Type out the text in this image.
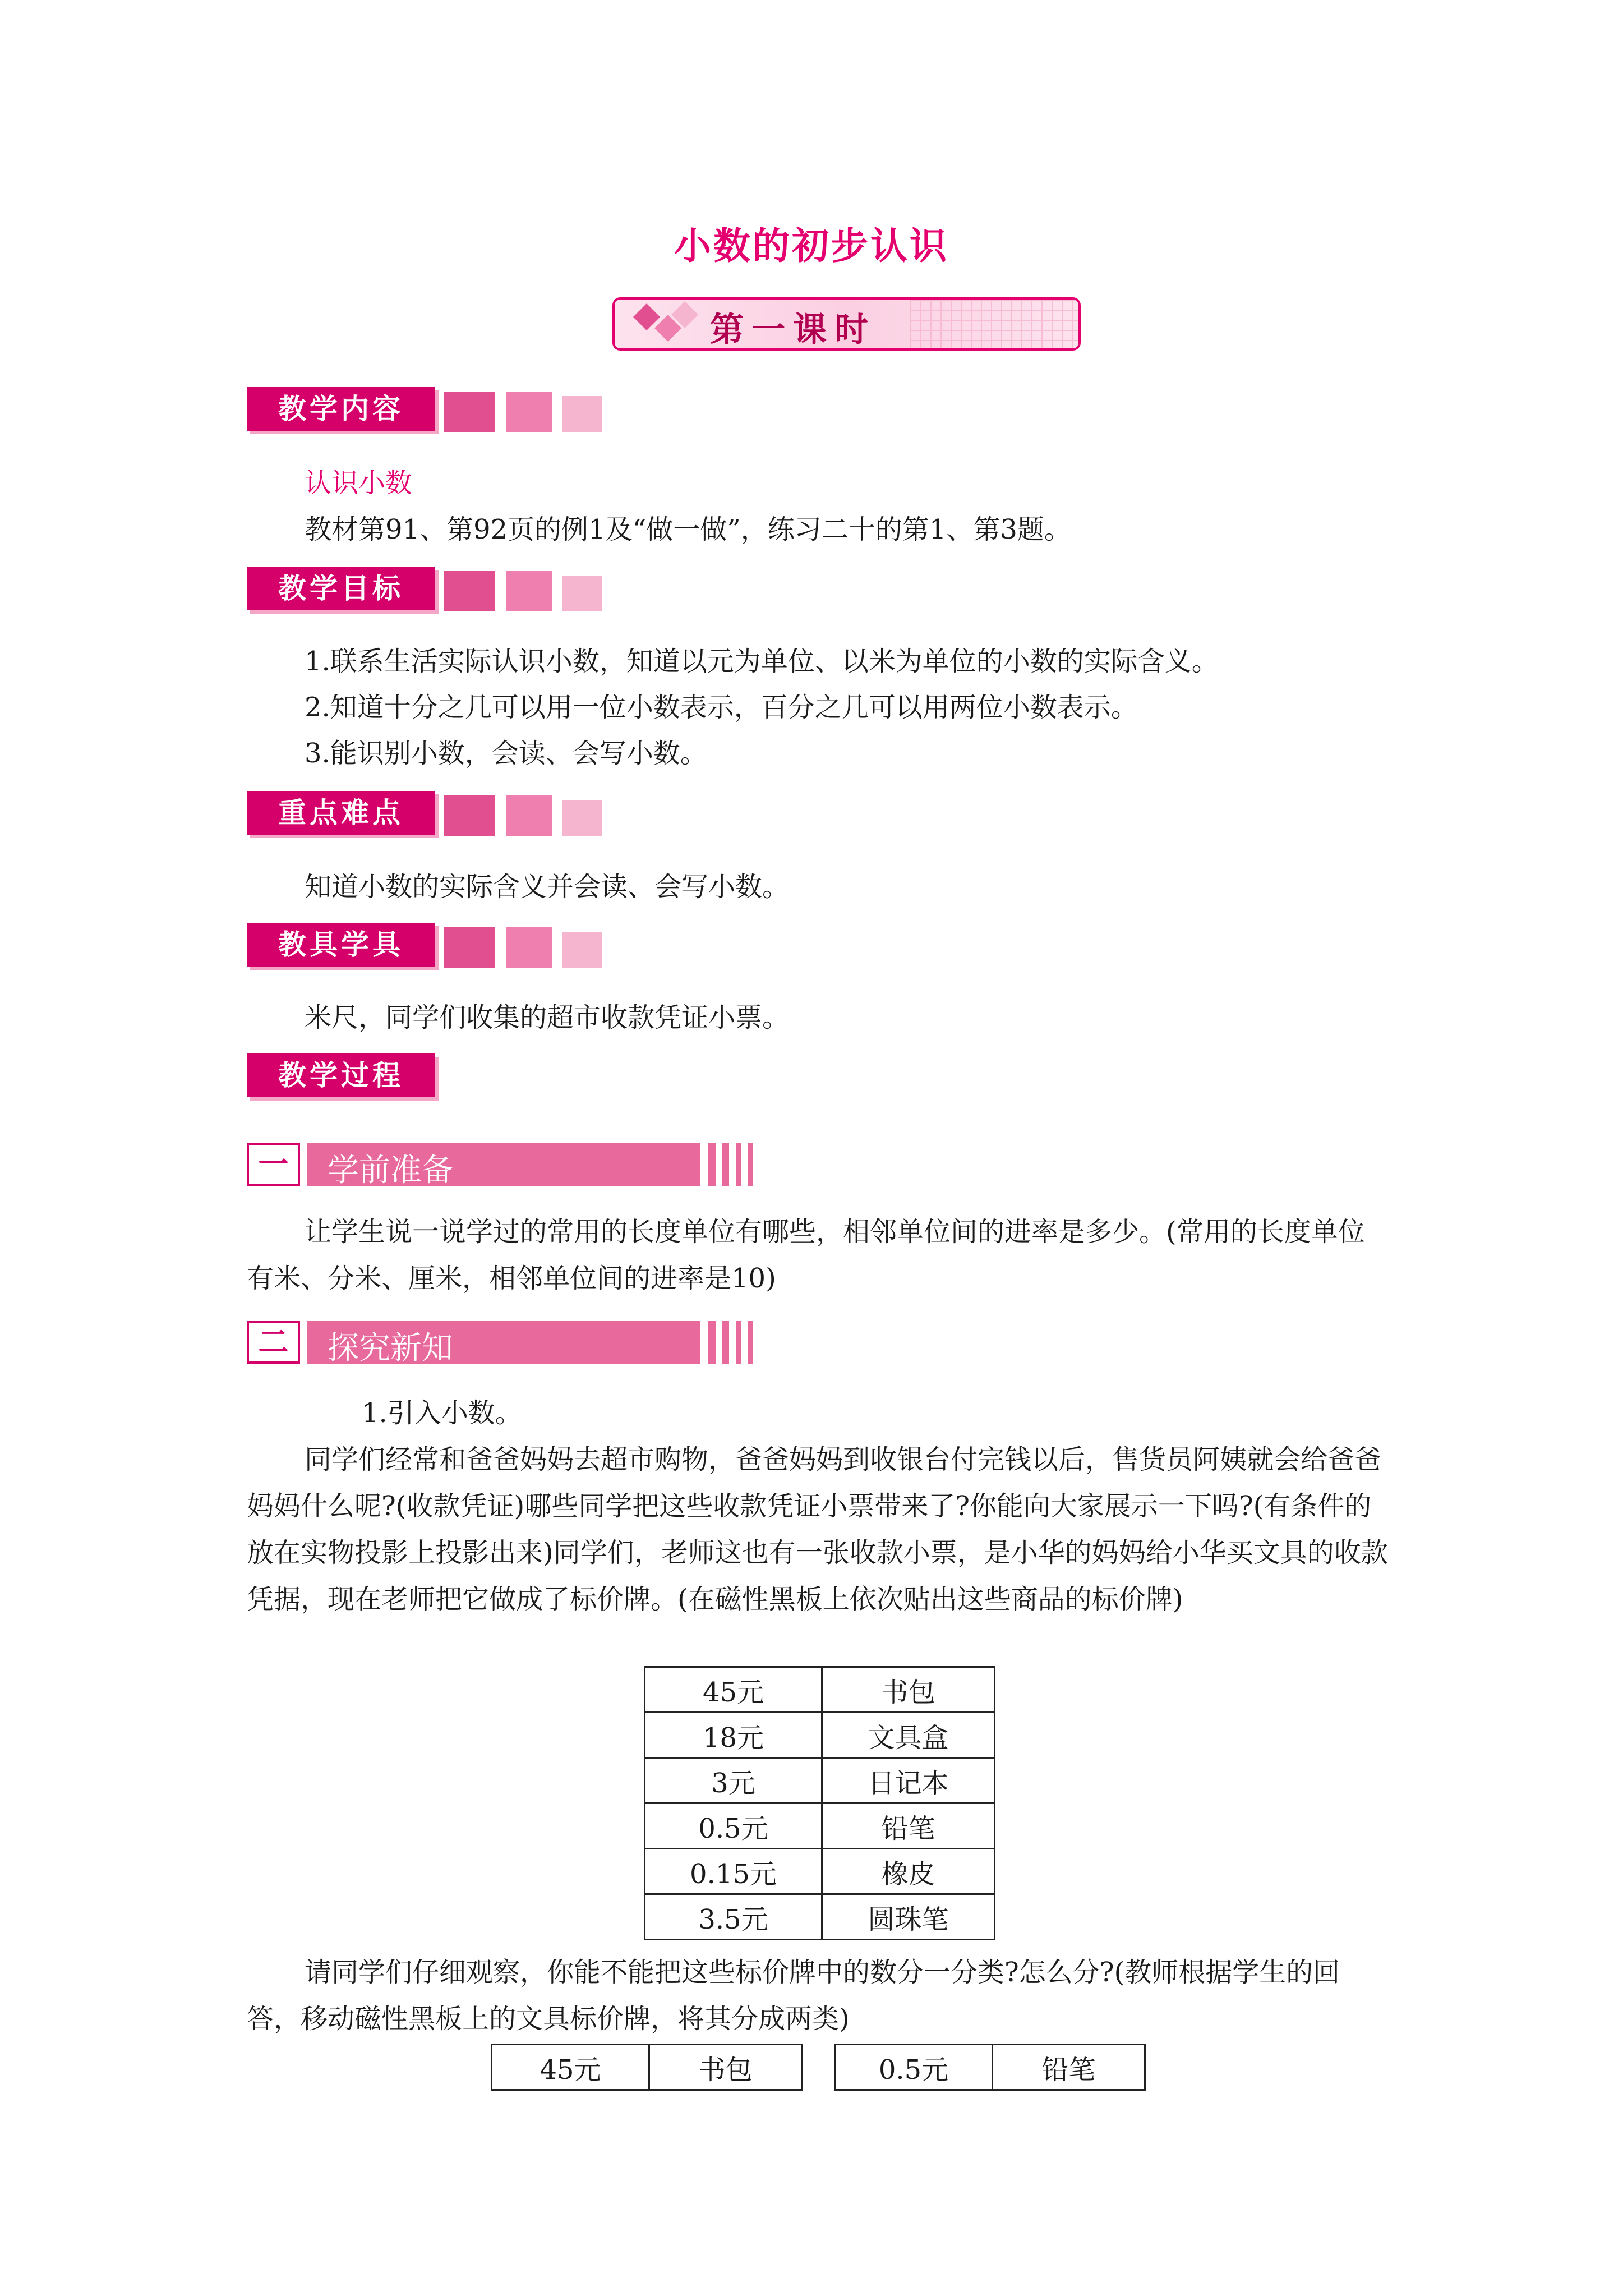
小数的初步认识
第一课时
教学内容
认识小数
教材第91、第92页的例1及“做一做”，练习二十的第1、第3题。
教学目标
1.联系生活实际认识小数，知道以元为单位、以米为单位的小数的实际含义。
2.知道十分之几可以用一位小数表示，百分之几可以用两位小数表示。
3.能识别小数，会读、会写小数。
重点难点
知道小数的实际含义并会读、会写小数。
教具学具
米尺，同学们收集的超市收款凭证小票。
教学过程
一	学前准备
让学生说一说学过的常用的长度单位有哪些，相邻单位间的进率是多少。(常用的长度单位有米、分米、厘米，相邻单位间的进率是10)
二	探究新知
1.引入小数。
同学们经常和爸爸妈妈去超市购物，爸爸妈妈到收银台付完钱以后，售货员阿姨就会给爸爸妈妈什么呢?(收款凭证)哪些同学把这些收款凭证小票带来了?你能向大家展示一下吗?(有条件的放在实物投影上投影出来)同学们，老师这也有一张收款小票，是小华的妈妈给小华买文具的收款凭据，现在老师把它做成了标价牌。(在磁性黑板上依次贴出这些商品的标价牌)
45元	书包
18元	文具盒
3元	日记本
0.5元	铅笔
0.15元	橡皮
3.5元	圆珠笔
请同学们仔细观察，你能不能把这些标价牌中的数分一分类?怎么分?(教师根据学生的回答，移动磁性黑板上的文具标价牌，将其分成两类)
45元	书包	0.5元	铅笔
